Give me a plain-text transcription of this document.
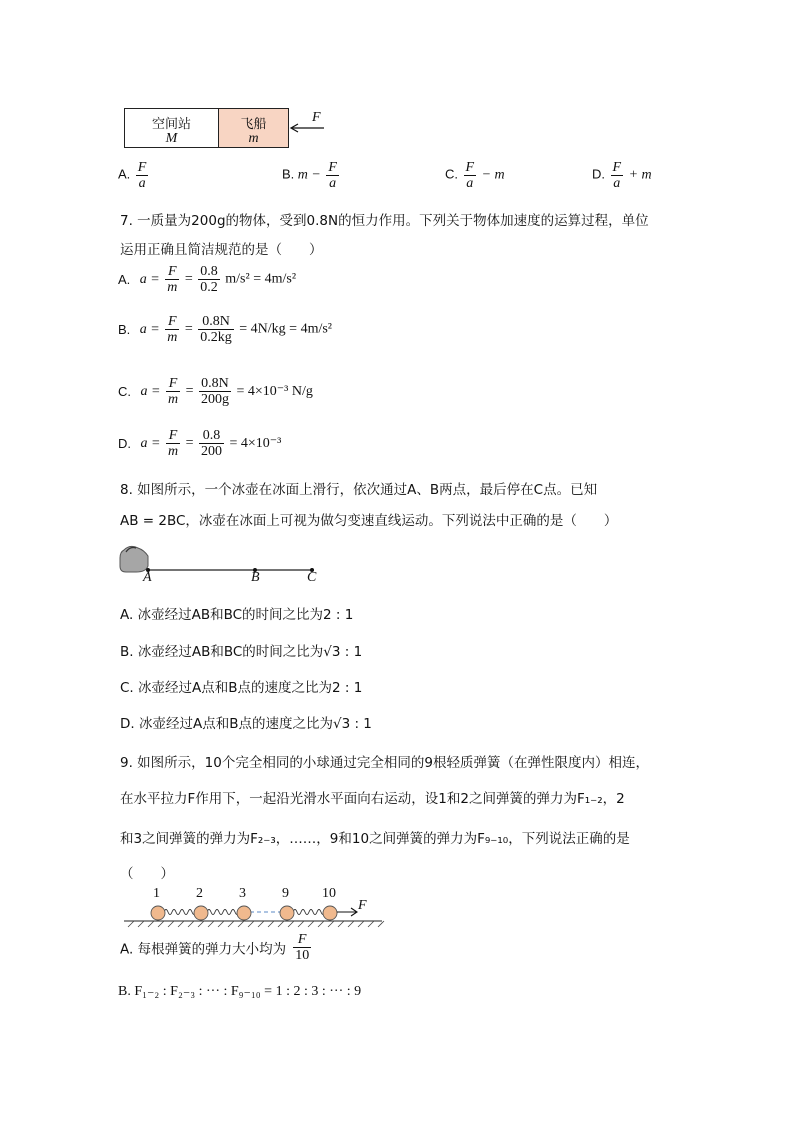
空间站
M
飞船
m
F
A. $\frac{F}{a}$	B. $m - \frac{F}{a}$	C. $\frac{F}{a} - m$	D. $\frac{F}{a} + m$
7. 一质量为200g的物体，受到0.8N的恒力作用。下列关于物体加速度的运算过程，单位
运用正确且简洁规范的是（　　）
A. $a = \frac{F}{m} = \frac{0.8}{0.2} m/s^2 = 4m/s^2$
B. $a = \frac{F}{m} = \frac{0.8N}{0.2kg} = 4N/kg = 4m/s^2$
C. $a = \frac{F}{m} = \frac{0.8N}{200g} = 4\times 10^{-3}$ N/g
D. $a = \frac{F}{m} = \frac{0.8}{200} = 4\times 10^{-3}$
8. 如图所示，一个冰壶在冰面上滑行，依次通过A、B两点，最后停在C点。已知
AB = 2BC，冰壶在冰面上可视为做匀变速直线运动。下列说法中正确的是（　　）
A	B	C
A. 冰壶经过AB和BC的时间之比为2 : 1
B. 冰壶经过AB和BC的时间之比为√3 : 1
C. 冰壶经过A点和B点的速度之比为2 : 1
D. 冰壶经过A点和B点的速度之比为√3 : 1
9. 如图所示，10个完全相同的小球通过完全相同的9根轻质弹簧（在弹性限度内）相连，
在水平拉力F作用下，一起沿光滑水平面向右运动，设1和2之间弹簧的弹力为F₁₋₂，2
和3之间弹簧的弹力为F₂₋₃，……，9和10之间弹簧的弹力为F₉₋₁₀，下列说法正确的是
（　　）
1	2	3	9 10
F
A. 每根弹簧的弹力大小均为 $\frac{F}{10}$
B. F₁₋₂ : F₂₋₃ : ··· : F₉₋₁₀ = 1 : 2 : 3 : ··· : 9
